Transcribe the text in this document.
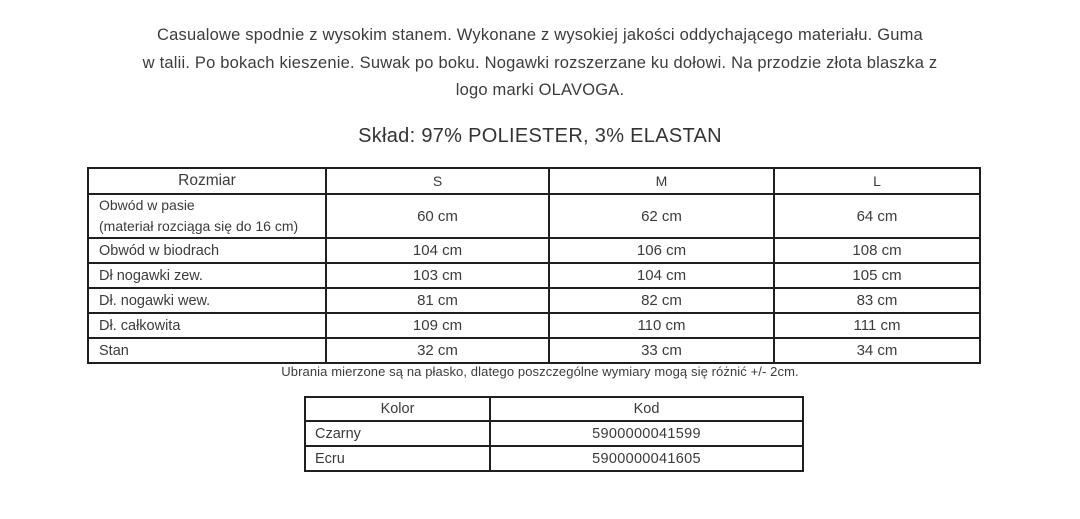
Casualowe spodnie z wysokim stanem. Wykonane z wysokiej jakości oddychającego materiału. Guma
w talii. Po bokach kieszenie. Suwak po boku. Nogawki rozszerzane ku dołowi. Na przodzie złota blaszka z
logo marki OLAVOGA.
Skład: 97% POLIESTER, 3% ELASTAN
Rozmiar	S	M	L

Obwód w pasie
(materiał rozciąga się do 16 cm)	60 cm	62 cm	64 cm
Obwód w biodrach	104 cm	106 cm	108 cm
Dł nogawki zew.	103 cm	104 cm	105 cm
Dł. nogawki wew.	81 cm	82 cm	83 cm
Dł. całkowita	109 cm	110 cm	111 cm
Stan	32 cm	33 cm	34 cm
Ubrania mierzone są na płasko, dlatego poszczególne wymiary mogą się różnić +/- 2cm.
Kolor	Kod
Czarny	5900000041599
Ecru	5900000041605
